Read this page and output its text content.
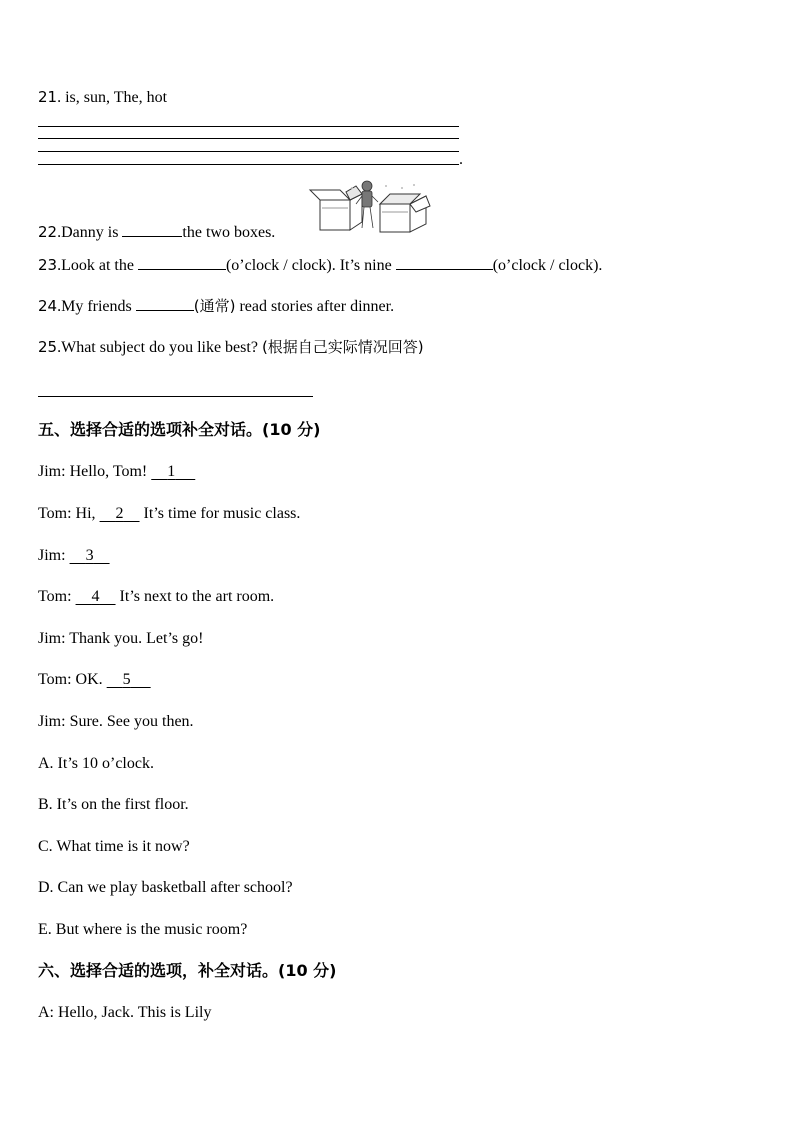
21. is, sun, The, hot
.
22.Danny is	the two boxes.
23.Look at the	(o’clock / clock). It’s nine	(o’clock / clock).
24.My friends	(通常) read stories after dinner.
25.What subject do you like best? (根据自己实际情况回答)
五、选择合适的选项补全对话。(10 分)
Jim: Hello, Tom!     1
Tom: Hi,     2     It’s time for music class.
Jim: 3
Tom: 4     It’s next to the art room.
Jim: Thank you. Let’s go!
Tom: OK.     5
Jim: Sure. See you then.
A. It’s 10 o’clock.
B. It’s on the first floor.
C. What time is it now?
D. Can we play basketball after school?
E. But where is the music room?
六、选择合适的选项，补全对话。(10 分)
A: Hello, Jack. This is Lily
